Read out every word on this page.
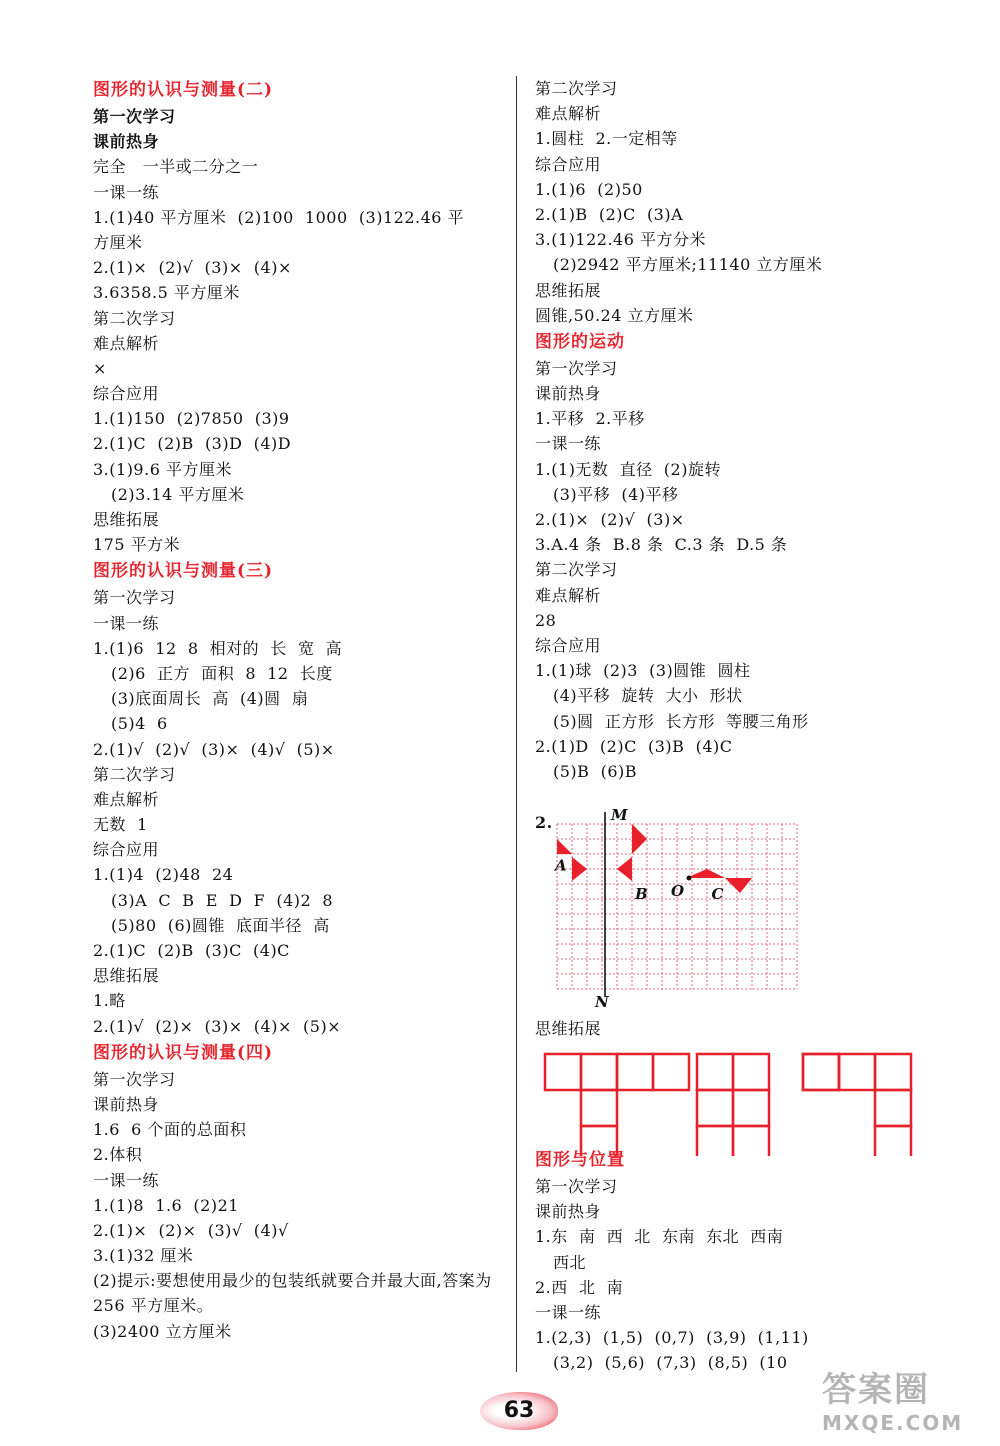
图形的认识与测量(二)
第一次学习
课前热身
完全   一半或二分之一
一课一练
1.(1)40 平方厘米  (2)100  1000  (3)122.46 平
方厘米
2.(1)×  (2)√  (3)×  (4)×
3.6358.5 平方厘米
第二次学习
难点解析
×
综合应用
1.(1)150  (2)7850  (3)9
2.(1)C  (2)B  (3)D  (4)D
3.(1)9.6 平方厘米
(2)3.14 平方厘米
思维拓展
175 平方米
图形的认识与测量(三)
第一次学习
一课一练
1.(1)6  12  8  相对的  长  宽  高
(2)6  正方  面积  8  12  长度
(3)底面周长  高  (4)圆  扇
(5)4  6
2.(1)√  (2)√  (3)×  (4)√  (5)×
第二次学习
难点解析
无数  1
综合应用
1.(1)4  (2)48  24
(3)A  C  B  E  D  F  (4)2  8
(5)80  (6)圆锥  底面半径  高
2.(1)C  (2)B  (3)C  (4)C
思维拓展
1.略
2.(1)√  (2)×  (3)×  (4)×  (5)×
图形的认识与测量(四)
第一次学习
课前热身
1.6  6 个面的总面积
2.体积
一课一练
1.(1)8  1.6  (2)21
2.(1)×  (2)×  (3)√  (4)√
3.(1)32 厘米
(2)提示:要想使用最少的包装纸就要合并最大面,答案为 256 平方厘米。
(3)2400 立方厘米
第二次学习
难点解析
1.圆柱  2.一定相等
综合应用
1.(1)6  (2)50
2.(1)B  (2)C  (3)A
3.(1)122.46 平方分米
(2)2942 平方厘米;11140 立方厘米
思维拓展
圆锥,50.24 立方厘米
图形的运动
第一次学习
课前热身
1.平移  2.平移
一课一练
1.(1)无数  直径  (2)旋转
(3)平移  (4)平移
2.(1)×  (2)√  (3)×
3.A.4 条  B.8 条  C.3 条  D.5 条
第二次学习
难点解析
28
综合应用
1.(1)球  (2)3  (3)圆锥  圆柱
(4)平移  旋转  大小  形状
(5)圆  正方形  长方形  等腰三角形
2.(1)D  (2)C  (3)B  (4)C
(5)B  (6)B
2.	M
N
A
B O C
思维拓展
图形与位置
第一次学习
课前热身
1.东  南  西  北  东南  东北  西南
西北
2.西  北  南
一课一练
1.(2,3)  (1,5)  (0,7)  (3,9)  (1,11)
(3,2)  (5,6)  (7,3)  (8,5)  (10
63
答案圈
MXQE.COM
